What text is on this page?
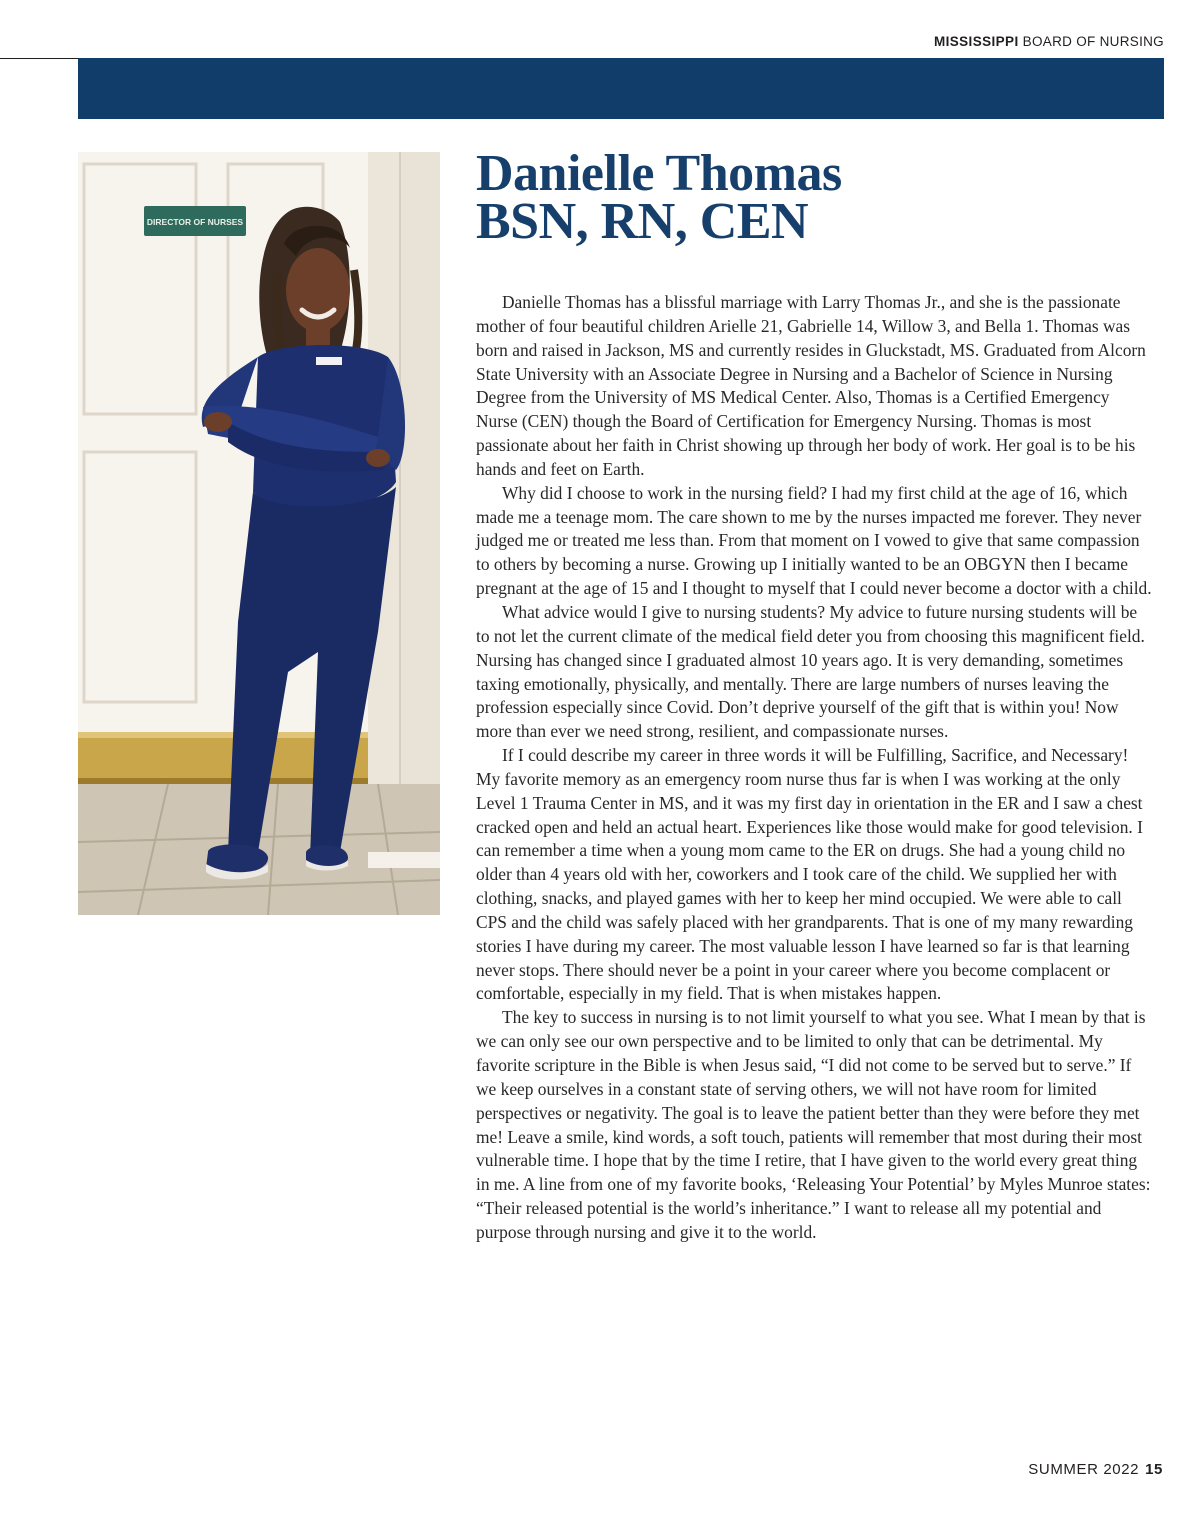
MISSISSIPPI BOARD OF NURSING
DIRECTOR OF NURSES
Danielle Thomas
BSN, RN, CEN

Danielle Thomas has a blissful marriage with Larry Thomas Jr., and she is the passionate mother of four beautiful children Arielle 21, Gabrielle 14, Willow 3, and Bella 1. Thomas was born and raised in Jackson, MS and currently resides in Gluckstadt, MS. Graduated from Alcorn State University with an Associate Degree in Nursing and a Bachelor of Science in Nursing Degree from the University of MS Medical Center. Also, Thomas is a Certified Emergency Nurse (CEN) though the Board of Certification for Emergency Nursing. Thomas is most passionate about her faith in Christ showing up through her body of work. Her goal is to be his hands and feet on Earth.

Why did I choose to work in the nursing field? I had my first child at the age of 16, which made me a teenage mom. The care shown to me by the nurses impacted me forever. They never judged me or treated me less than. From that moment on I vowed to give that same compassion to others by becoming a nurse. Growing up I initially wanted to be an OBGYN then I became pregnant at the age of 15 and I thought to myself that I could never become a doctor with a child.

What advice would I give to nursing students? My advice to future nursing students will be to not let the current climate of the medical field deter you from choosing this magnificent field. Nursing has changed since I graduated almost 10 years ago. It is very demanding, sometimes taxing emotionally, physically, and mentally. There are large numbers of nurses leaving the profession especially since Covid. Don’t deprive yourself of the gift that is within you! Now more than ever we need strong, resilient, and compassionate nurses.

If I could describe my career in three words it will be Fulfilling, Sacrifice, and Necessary! My favorite memory as an emergency room nurse thus far is when I was working at the only Level 1 Trauma Center in MS, and it was my first day in orientation in the ER and I saw a chest cracked open and held an actual heart. Experiences like those would make for good television. I can remember a time when a young mom came to the ER on drugs. She had a young child no older than 4 years old with her, coworkers and I took care of the child. We supplied her with clothing, snacks, and played games with her to keep her mind occupied. We were able to call CPS and the child was safely placed with her grandparents. That is one of my many rewarding stories I have during my career. The most valuable lesson I have learned so far is that learning never stops. There should never be a point in your career where you become complacent or comfortable, especially in my field. That is when mistakes happen.

The key to success in nursing is to not limit yourself to what you see. What I mean by that is we can only see our own perspective and to be limited to only that can be detrimental. My favorite scripture in the Bible is when Jesus said, “I did not come to be served but to serve.” If we keep ourselves in a constant state of serving others, we will not have room for limited perspectives or negativity. The goal is to leave the patient better than they were before they met me! Leave a smile, kind words, a soft touch, patients will remember that most during their most vulnerable time. I hope that by the time I retire, that I have given to the world every great thing in me. A line from one of my favorite books, ‘Releasing Your Potential’ by Myles Munroe states: “Their released potential is the world’s inheritance.” I want to release all my potential and purpose through nursing and give it to the world.

SUMMER 2022 15
